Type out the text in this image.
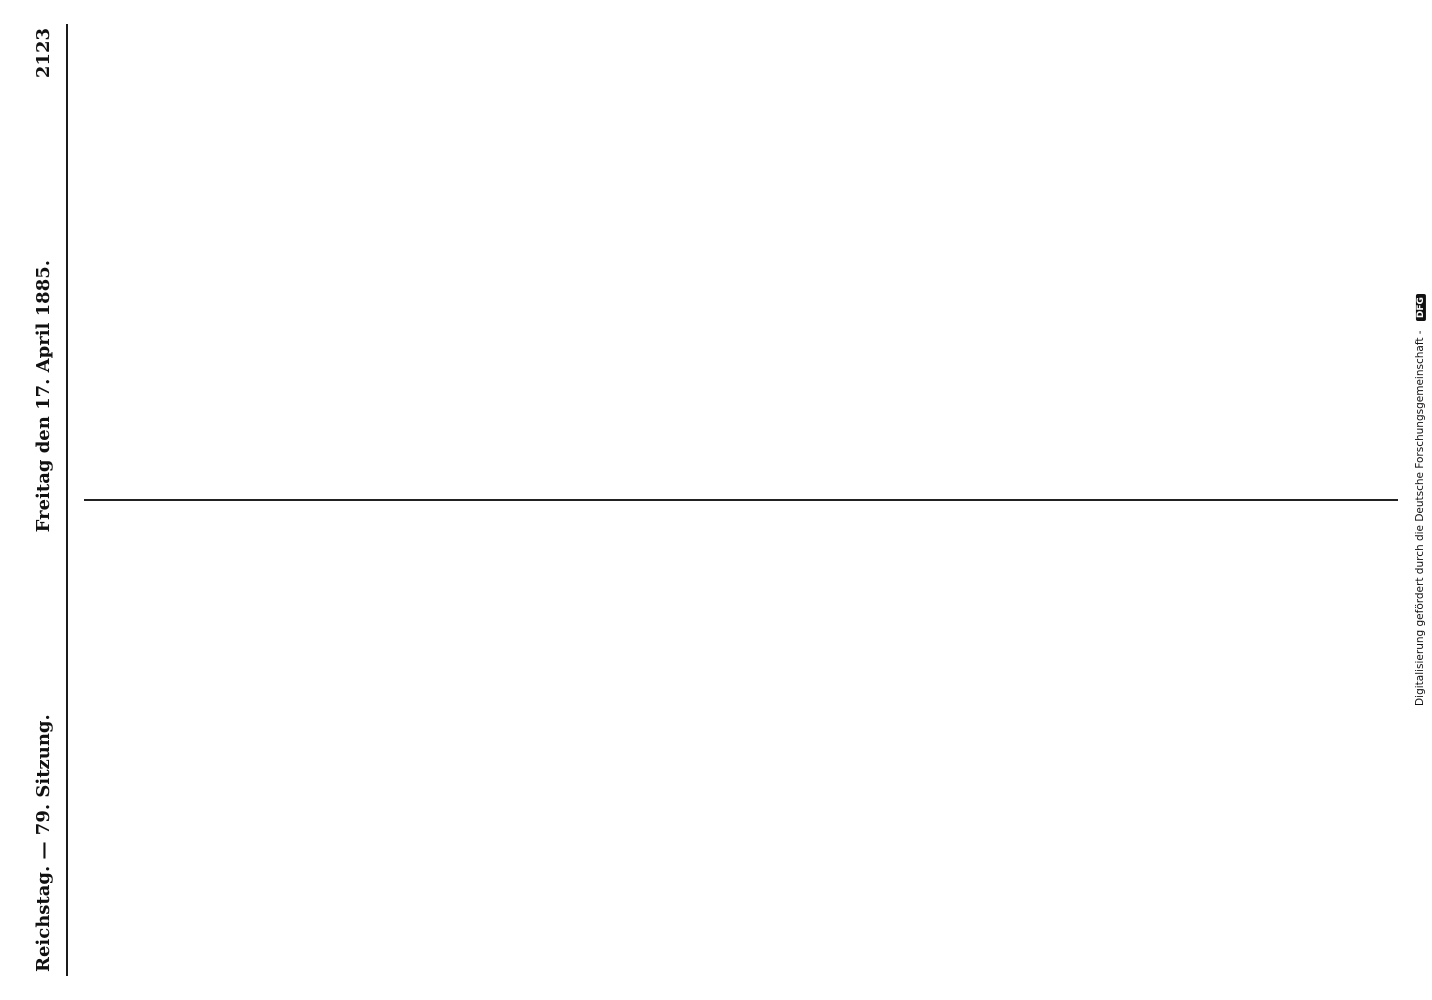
Reichstag. — 79. Sitzung.
Freitag den 17. April 1885.
2123
Digitalisierung gefördert durch die Deutsche Forschungsgemeinschaft - DFG
